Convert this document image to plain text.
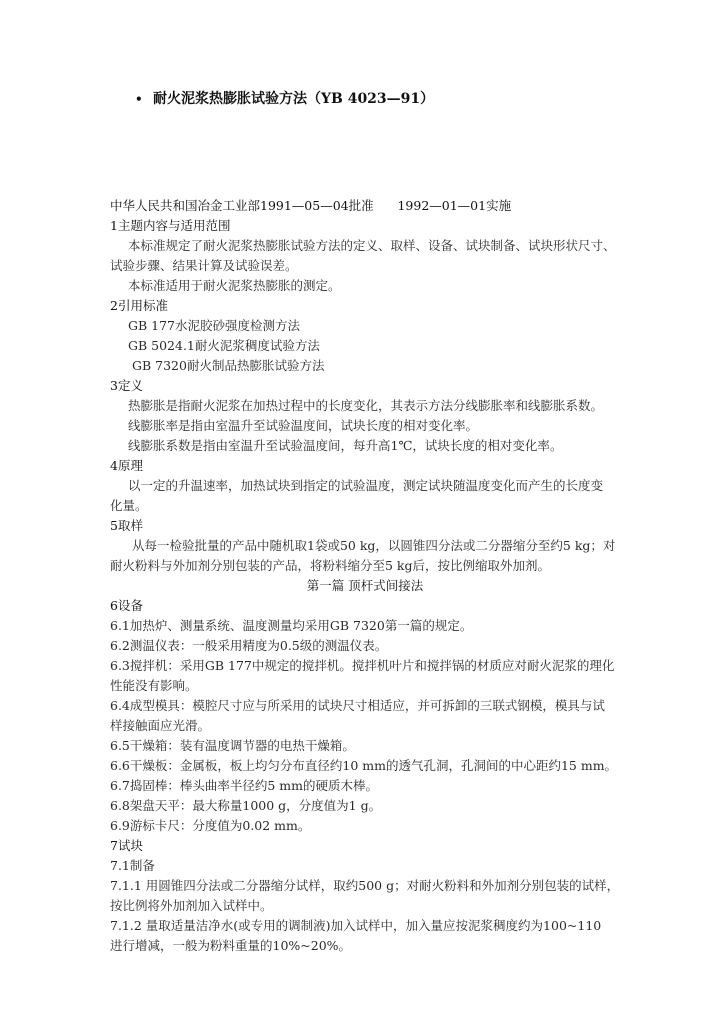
• 耐火泥浆热膨胀试验方法（YB 4023—91）

中华人民共和国冶金工业部1991—05—04批准      1992—01—01实施

1主题内容与适用范围

本标准规定了耐火泥浆热膨胀试验方法的定义、取样、设备、试块制备、试块形状尺寸、

试验步骤、结果计算及试验误差。

本标准适用于耐火泥浆热膨胀的测定。

2引用标准

GB 177水泥胶砂强度检测方法

GB 5024.1耐火泥浆稠度试验方法

GB 7320耐火制品热膨胀试验方法

3定义

热膨胀是指耐火泥浆在加热过程中的长度变化，其表示方法分线膨胀率和线膨胀系数。

线膨胀率是指由室温升至试验温度间，试块长度的相对变化率。

线膨胀系数是指由室温升至试验温度间，每升高1℃，试块长度的相对变化率。

4原理

以一定的升温速率，加热试块到指定的试验温度，测定试块随温度变化而产生的长度变

化量。

5取样

从每一检验批量的产品中随机取1袋或50 kg，以圆锥四分法或二分器缩分至约5 kg；对

耐火粉料与外加剂分别包装的产品，将粉料缩分至5 kg后，按比例缩取外加剂。

第一篇 顶杆式间接法

6设备

6.1加热炉、测量系统、温度测量均采用GB 7320第一篇的规定。

6.2测温仪表：一般采用精度为0.5级的测温仪表。

6.3搅拌机：采用GB 177中规定的搅拌机。搅拌机叶片和搅拌锅的材质应对耐火泥浆的理化

性能没有影响。

6.4成型模具：模腔尺寸应与所采用的试块尺寸相适应，并可拆卸的三联式钢模，模具与试

样接触面应光滑。

6.5干燥箱：装有温度调节器的电热干燥箱。

6.6干燥板：金属板，板上均匀分布直径约10 mm的透气孔洞，孔洞间的中心距约15 mm。

6.7捣固棒：棒头曲率半径约5 mm的硬质木棒。

6.8架盘天平：最大称量1000 g，分度值为1 g。

6.9游标卡尺：分度值为0.02 mm。

7试块

7.1制备

7.1.1 用圆锥四分法或二分器缩分试样，取约500 g；对耐火粉料和外加剂分别包装的试样，

按比例将外加剂加入试样中。

7.1.2 量取适量洁净水(或专用的调制液)加入试样中，加入量应按泥浆稠度约为100~110

进行增减，一般为粉料重量的10%~20%。
